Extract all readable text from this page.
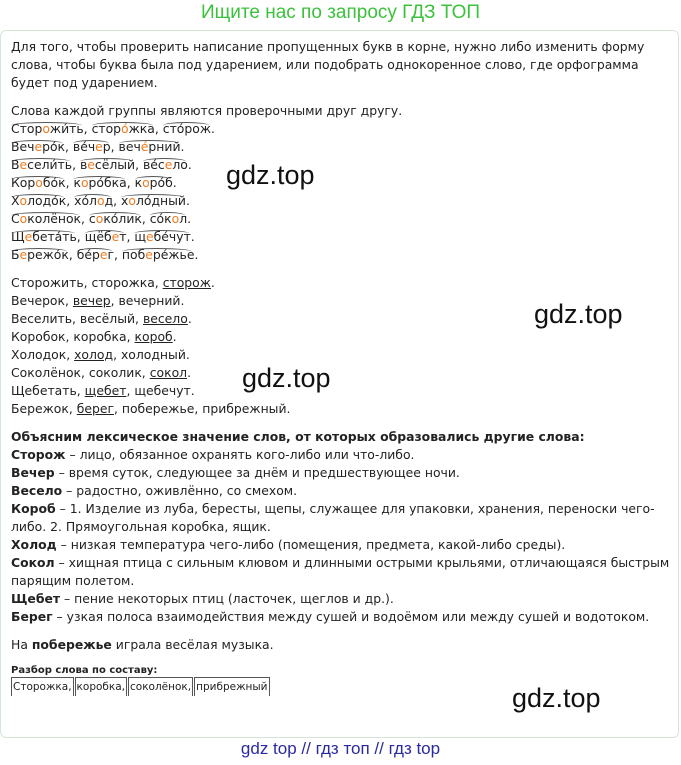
Ищите нас по запросу ГДЗ ТОП

Для того, чтобы проверить написание пропущенных букв в корне, нужно либо изменить форму слова, чтобы буква была под ударением, или подобрать однокоренное слово, где орфограмма будет под ударением.

Слова каждой группы являются проверочными друг другу.

Сторожи́ть, сторо́жка, сто́рож.

Вечеро́к, ве́чер, вече́рний.

Весели́ть, весёлый, ве́село.

Коробо́к, коро́бка, коро́б.

Холодо́к, хо́лод, холо́дный.

Соколёнок, соко́лик, со́кол.

Щебета́ть, щёбет, щебе́чут.

Бережо́к, бе́рег, побере́жье.

Сторожить, сторожка, сторож.

Вечерок, вечер, вечерний.

Веселить, весёлый, весело.

Коробок, коробка, короб.

Холодок, холод, холодный.

Соколёнок, соколик, сокол.

Щебетать, щебет, щебечут.

Бережок, берег, побережье, прибрежный.

Объясним лексическое значение слов, от которых образовались другие слова:

Сторож – лицо, обязанное охранять кого-либо или что-либо.

Вечер – время суток, следующее за днём и предшествующее ночи.

Весело – радостно, оживлённо, со смехом.

Короб – 1. Изделие из луба, бересты, щепы, служащее для упаковки, хранения, переноски чего-либо. 2. Прямоугольная коробка, ящик.

Холод – низкая температура чего-либо (помещения, предмета, какой-либо среды).

Сокол – хищная птица с сильным клювом и длинными острыми крыльями, отличающаяся быстрым парящим полетом.

Щебет – пение некоторых птиц (ласточек, щеглов и др.).

Берег – узкая полоса взаимодействия между сушей и водоёмом или между сушей и водотоком.

На побережье играла весёлая музыка.

Разбор слова по составу:
Сторожка, коробка, соколёнок, прибрежный
gdz.top
gdz.top
gdz.top
gdz.top
gdz top // гдз топ // гдз top
